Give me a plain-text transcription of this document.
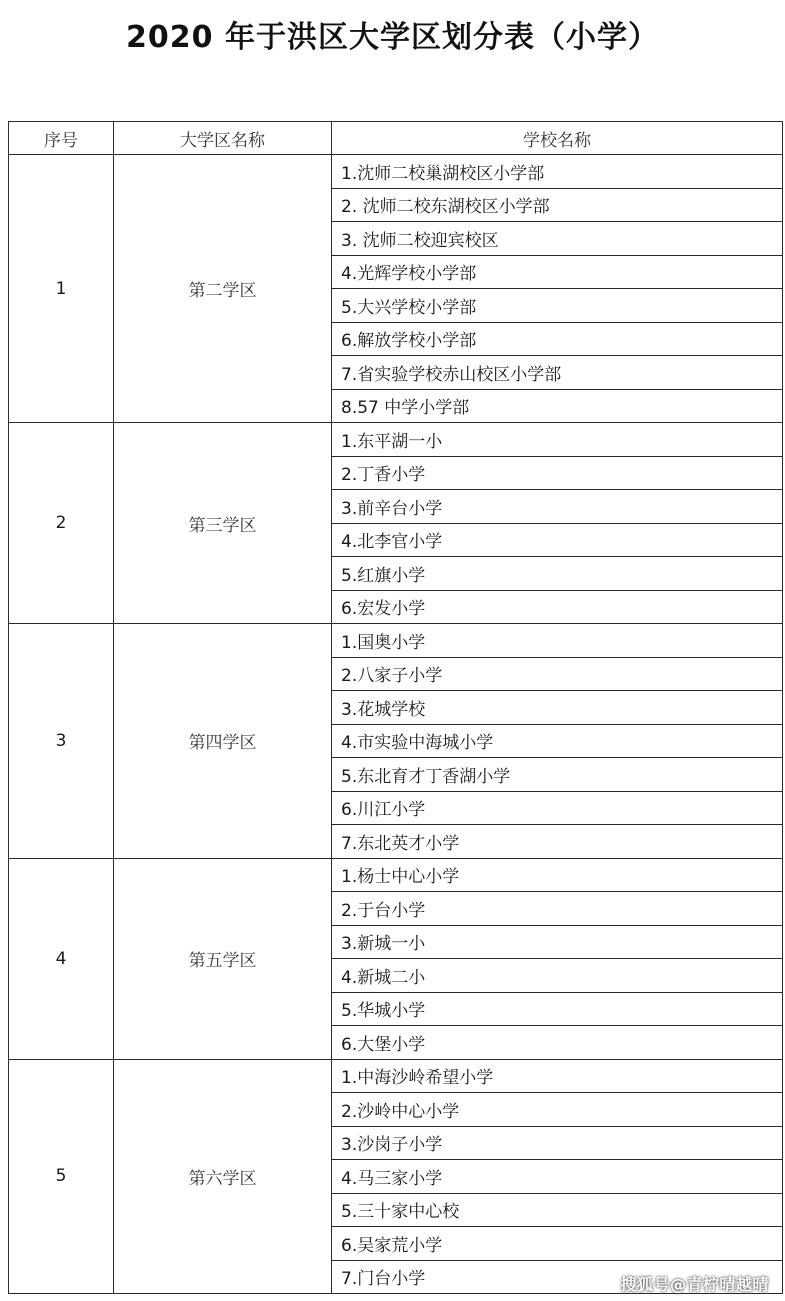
2020 年于洪区大学区划分表（小学）
序号	大学区名称	学校名称
1	第二学区	1.沈师二校巢湖校区小学部
		2. 沈师二校东湖校区小学部
		3. 沈师二校迎宾校区
		4.光辉学校小学部
		5.大兴学校小学部
		6.解放学校小学部
		7.省实验学校赤山校区小学部
		8.57 中学小学部
2	第三学区	1.东平湖一小
		2.丁香小学
		3.前辛台小学
		4.北李官小学
		5.红旗小学
		6.宏发小学
3	第四学区	1.国奥小学
		2.八家子小学
		3.花城学校
		4.市实验中海城小学
		5.东北育才丁香湖小学
		6.川江小学
		7.东北英才小学
4	第五学区	1.杨士中心小学
		2.于台小学
		3.新城一小
		4.新城二小
		5.华城小学
		6.大堡小学
5	第六学区	1.中海沙岭希望小学
		2.沙岭中心小学
		3.沙岗子小学
		4.马三家小学
		5.三十家中心校
		6.吴家荒小学
		7.门台小学	搜狐号@青柠晴越晴
